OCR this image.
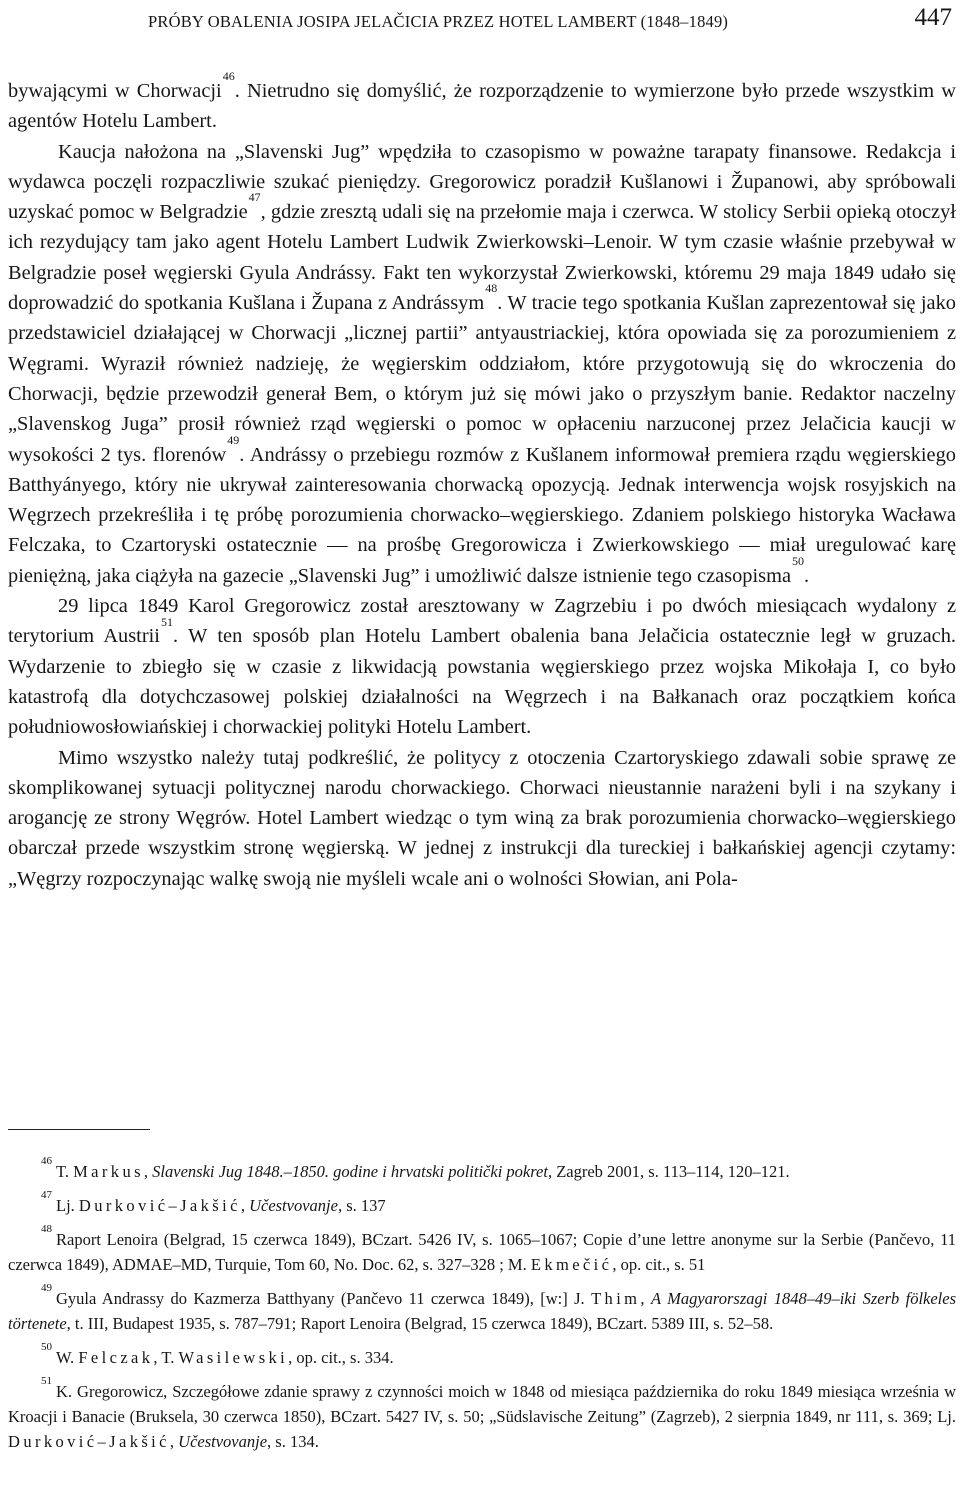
PRÓBY OBALENIA JOSIPA JELAČICIA PRZEZ HOTEL LAMBERT (1848–1849)	447

bywającymi w Chorwacji$^{46}$. Nietrudno się domyślić, że rozporządzenie to wymierzone było przede wszystkim w agentów Hotelu Lambert.

Kaucja nałożona na „Slavenski Jug” wpędziła to czasopismo w poważne tarapaty finansowe. Redakcja i wydawca poczęli rozpaczliwie szukać pieniędzy. Gregorowicz poradził Kušlanowi i Županowi, aby spróbowali uzyskać pomoc w Belgradzie$^{47}$, gdzie zresztą udali się na przełomie maja i czerwca. W stolicy Serbii opieką otoczył ich rezydujący tam jako agent Hotelu Lambert Ludwik Zwierkowski–Lenoir. W tym czasie właśnie przebywał w Belgradzie poseł węgierski Gyula Andrássy. Fakt ten wykorzystał Zwierkowski, któremu 29 maja 1849 udało się doprowadzić do spotkania Kušlana i Župana z Andrássym$^{48}$. W tracie tego spotkania Kušlan zaprezentował się jako przedstawiciel działającej w Chorwacji „licznej partii” antyaustriackiej, która opowiada się za porozumieniem z Węgrami. Wyraził również nadzieję, że węgierskim oddziałom, które przygotowują się do wkroczenia do Chorwacji, będzie przewodził generał Bem, o którym już się mówi jako o przyszłym banie. Redaktor naczelny „Slavenskog Juga” prosił również rząd węgierski o pomoc w opłaceniu narzuconej przez Jelačicia kaucji w wysokości 2 tys. florenów$^{49}$. Andrássy o przebiegu rozmów z Kušlanem informował premiera rządu węgierskiego Batthyányego, który nie ukrywał zainteresowania chorwacką opozycją. Jednak interwencja wojsk rosyjskich na Węgrzech przekreśliła i tę próbę porozumienia chorwacko–węgierskiego. Zdaniem polskiego historyka Wacława Felczaka, to Czartoryski ostatecznie — na prośbę Gregorowicza i Zwierkowskiego — miał uregulować karę pieniężną, jaka ciążyła na gazecie „Slavenski Jug” i umożliwić dalsze istnienie tego czasopisma$^{50}$.

29 lipca 1849 Karol Gregorowicz został aresztowany w Zagrzebiu i po dwóch miesiącach wydalony z terytorium Austrii$^{51}$. W ten sposób plan Hotelu Lambert obalenia bana Jelačicia ostatecznie legł w gruzach. Wydarzenie to zbiegło się w czasie z likwidacją powstania węgierskiego przez wojska Mikołaja I, co było katastrofą dla dotychczasowej polskiej działalności na Węgrzech i na Bałkanach oraz początkiem końca południowosłowiańskiej i chorwackiej polityki Hotelu Lambert.

Mimo wszystko należy tutaj podkreślić, że politycy z otoczenia Czartoryskiego zdawali sobie sprawę ze skomplikowanej sytuacji politycznej narodu chorwackiego. Chorwaci nieustannie narażeni byli i na szykany i arogancję ze strony Węgrów. Hotel Lambert wiedząc o tym winą za brak porozumienia chorwacko–węgierskiego obarczał przede wszystkim stronę węgierską. W jednej z instrukcji dla tureckiej i bałkańskiej agencji czytamy: „Węgrzy rozpoczynając walkę swoją nie myśleli wcale ani o wolności Słowian, ani Pola-

$^{46}$T. Markus, Slavenski Jug 1848.–1850. godine i hrvatski politički pokret, Zagreb 2001, s. 113–114, 120–121.

$^{47}$Lj. Durković–Jakšić, Učestvovanje, s. 137

$^{48}$Raport Lenoira (Belgrad, 15 czerwca 1849), BCzart. 5426 IV, s. 1065–1067; Copie d’une lettre anonyme sur la Serbie (Pančevo, 11 czerwca 1849), ADMAE–MD, Turquie, Tom 60, No. Doc. 62, s. 327–328 ; M. Ekmečić, op. cit., s. 51

$^{49}$Gyula Andrassy do Kazmerza Batthyany (Pančevo 11 czerwca 1849), [w:] J. Thim, A Magyarorszagi 1848–49–iki Szerb fölkeles törtenete, t. III, Budapest 1935, s. 787–791; Raport Lenoira (Belgrad, 15 czerwca 1849), BCzart. 5389 III, s. 52–58.

$^{50}$W. Felczak, T. Wasilewski, op. cit., s. 334.

$^{51}$K. Gregorowicz, Szczegółowe zdanie sprawy z czynności moich w 1848 od miesiąca października do roku 1849 miesiąca września w Kroacji i Banacie (Bruksela, 30 czerwca 1850), BCzart. 5427 IV, s. 50; „Südslavische Zeitung” (Zagrzeb), 2 sierpnia 1849, nr 111, s. 369; Lj. Durković–Jakšić, Učestvovanje, s. 134.
